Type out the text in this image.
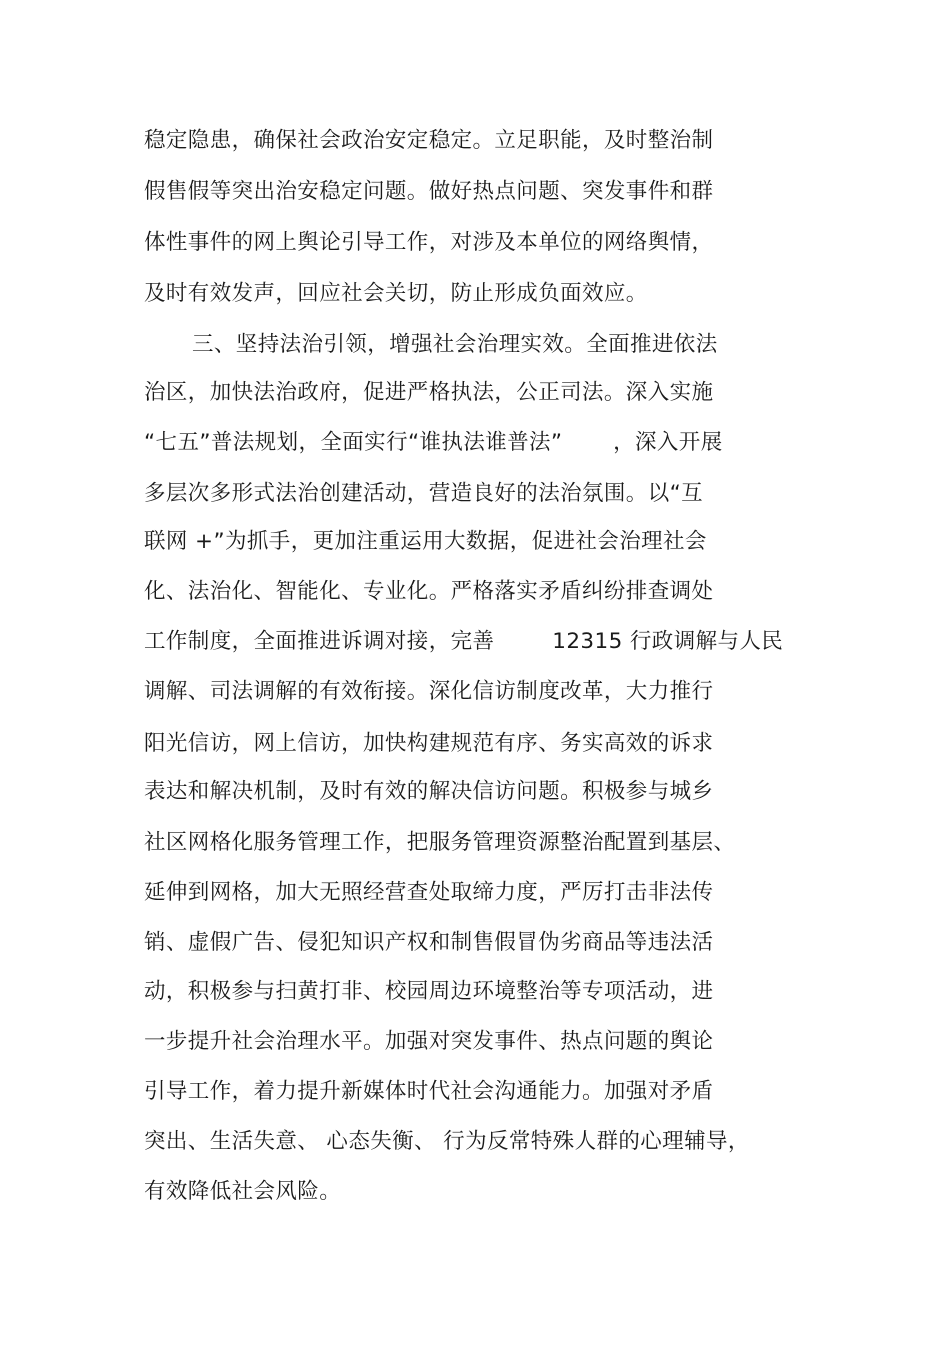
稳定隐患，确保社会政治安定稳定。立足职能，及时整治制
假售假等突出治安稳定问题。做好热点问题、突发事件和群
体性事件的网上舆论引导工作，对涉及本单位的网络舆情，
及时有效发声，回应社会关切，防止形成负面效应。
三、坚持法治引领，增强社会治理实效。全面推进依法
治区，加快法治政府，促进严格执法，公正司法。深入实施
“七五”普法规划，全面实行“谁执法谁普法”       ，深入开展
多层次多形式法治创建活动，营造良好的法治氛围。以“互
联网 +”为抓手，更加注重运用大数据，促进社会治理社会
化、法治化、智能化、专业化。严格落实矛盾纠纷排查调处
工作制度，全面推进诉调对接，完善        12315 行政调解与人民
调解、司法调解的有效衔接。深化信访制度改革，大力推行
阳光信访，网上信访，加快构建规范有序、务实高效的诉求
表达和解决机制，及时有效的解决信访问题。积极参与城乡
社区网格化服务管理工作，把服务管理资源整治配置到基层、
延伸到网格，加大无照经营查处取缔力度，严厉打击非法传
销、虚假广告、侵犯知识产权和制售假冒伪劣商品等违法活
动，积极参与扫黄打非、校园周边环境整治等专项活动，进
一步提升社会治理水平。加强对突发事件、热点问题的舆论
引导工作，着力提升新媒体时代社会沟通能力。加强对矛盾
突出、生活失意、 心态失衡、 行为反常特殊人群的心理辅导，
有效降低社会风险。
